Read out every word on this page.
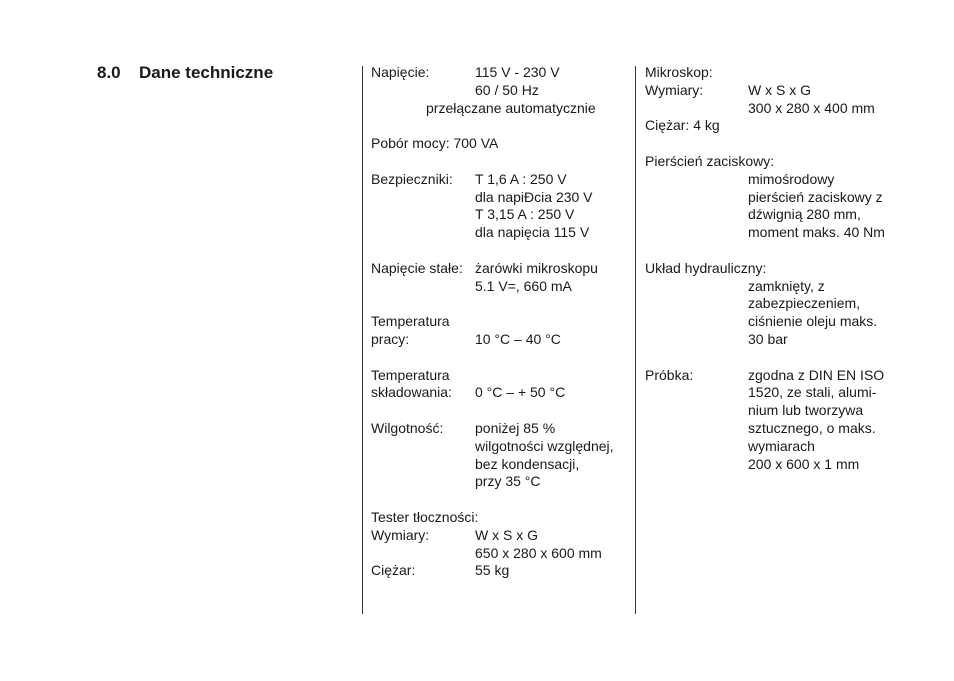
8.0 Dane techniczne	Napięcie:	115 V - 230 V
60 / 50 Hz
przełączane automatycznie
Pobór mocy: 700 VA
Bezpieczniki: T 1,6 A : 250 V
dla napiĐcia 230 V
T 3,15 A : 250 V
dla napięcia 115 V
Napięcie stałe: żarówki mikroskopu
5.1 V=, 660 mA
Temperatura
pracy:	10 °C – 40 °C
Temperatura
składowania: 0 °C – + 50 °C
Wilgotność: poniżej 85 %
wilgotności względnej,
bez kondensacji,
przy 35 °C
Tester tłoczności:
Wymiary:	W x S x G
650 x 280 x 600 mm
Ciężar:	55 kg
Mikroskop:
Wymiary:	W x S x G
300 x 280 x 400 mm
Ciężar: 4 kg
Pierścień zaciskowy:
mimośrodowy
pierścień zaciskowy z
dźwignią 280 mm,
moment maks. 40 Nm
Układ hydrauliczny:
zamknięty, z
zabezpieczeniem,
ciśnienie oleju maks.
30 bar
Próbka:	zgodna z DIN EN ISO
1520, ze stali, alumi-
nium lub tworzywa
sztucznego, o maks.
wymiarach
200 x 600 x 1 mm
